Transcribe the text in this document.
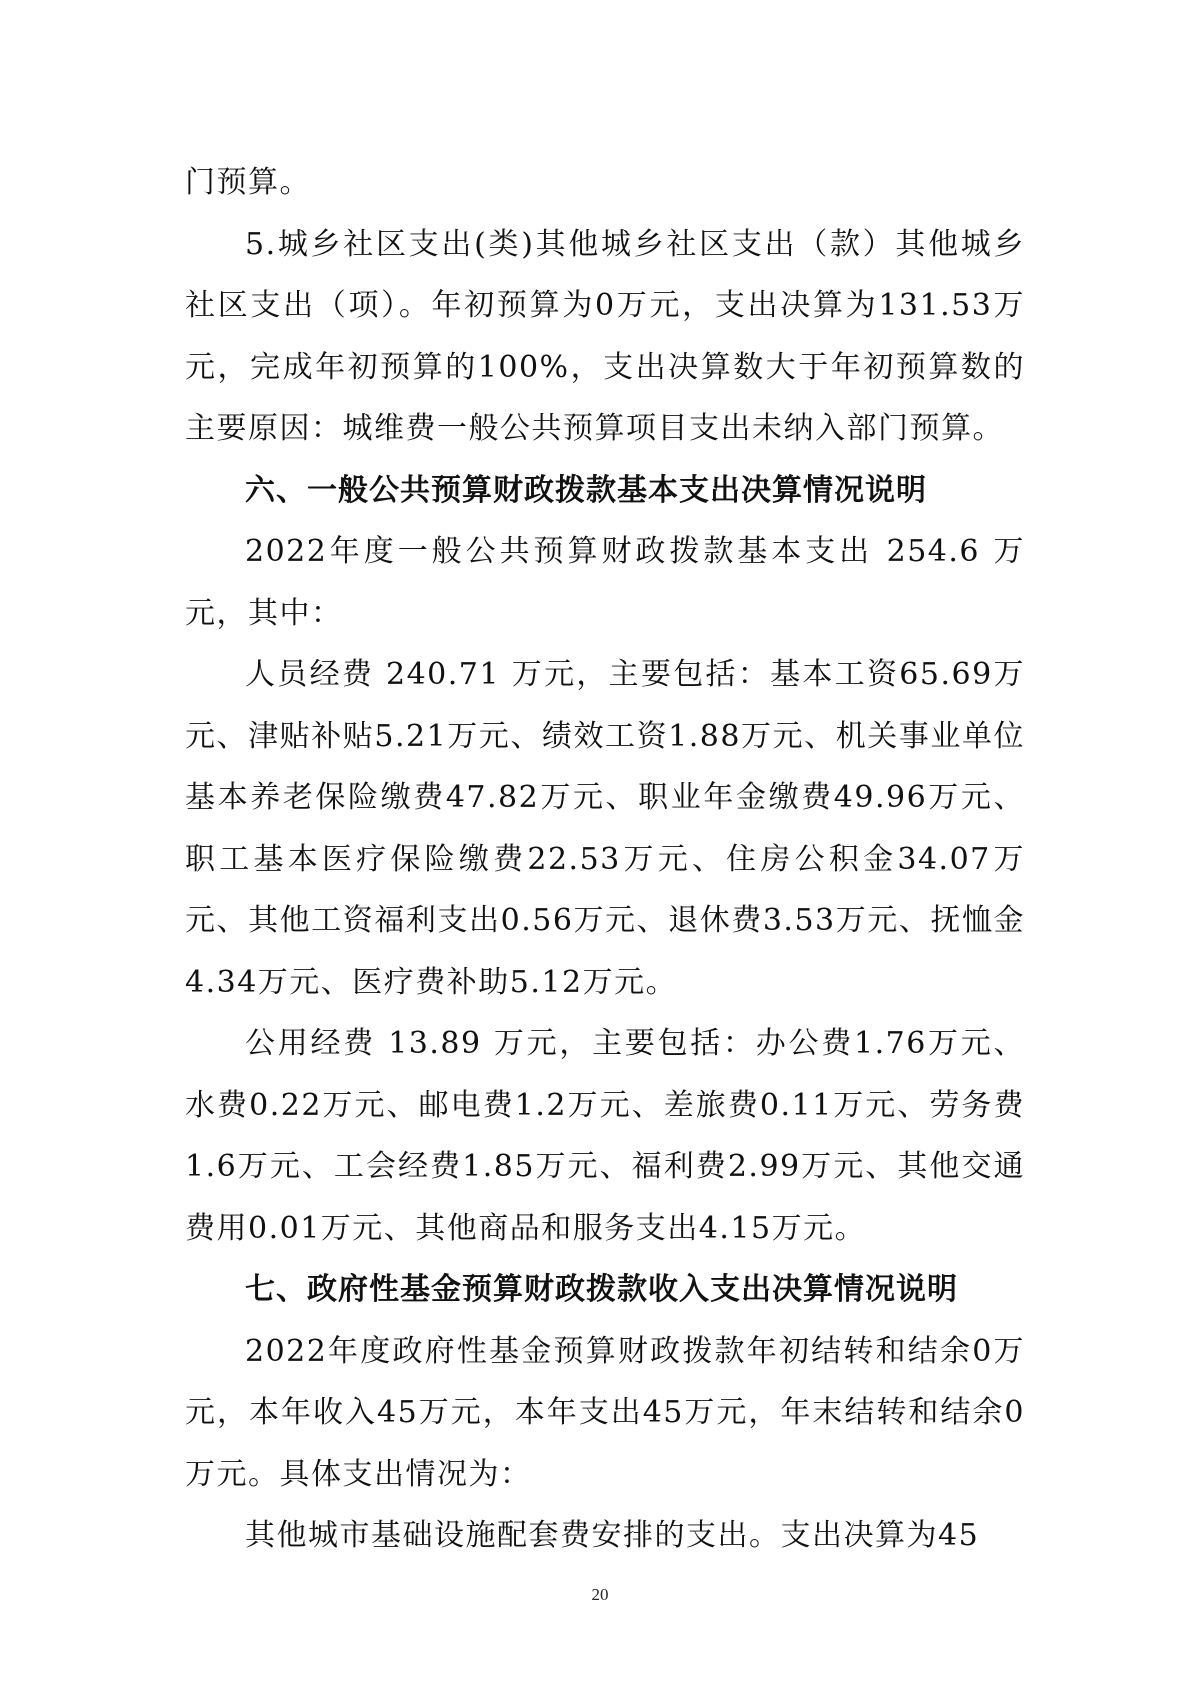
门预算。

5.城乡社区支出(类)其他城乡社区支出（款）其他城乡社区支出（项）。年初预算为0万元，支出决算为131.53万元，完成年初预算的100%，支出决算数大于年初预算数的主要原因：城维费一般公共预算项目支出未纳入部门预算。

六、一般公共预算财政拨款基本支出决算情况说明

2022年度一般公共预算财政拨款基本支出 254.6 万元，其中：

人员经费 240.71 万元，主要包括：基本工资65.69万元、津贴补贴5.21万元、绩效工资1.88万元、机关事业单位基本养老保险缴费47.82万元、职业年金缴费49.96万元、职工基本医疗保险缴费22.53万元、住房公积金34.07万元、其他工资福利支出0.56万元、退休费3.53万元、抚恤金4.34万元、医疗费补助5.12万元。

公用经费 13.89 万元，主要包括：办公费1.76万元、水费0.22万元、邮电费1.2万元、差旅费0.11万元、劳务费1.6万元、工会经费1.85万元、福利费2.99万元、其他交通费用0.01万元、其他商品和服务支出4.15万元。

七、政府性基金预算财政拨款收入支出决算情况说明

2022年度政府性基金预算财政拨款年初结转和结余0万元，本年收入45万元，本年支出45万元，年末结转和结余0万元。具体支出情况为：

其他城市基础设施配套费安排的支出。支出决算为45

20
